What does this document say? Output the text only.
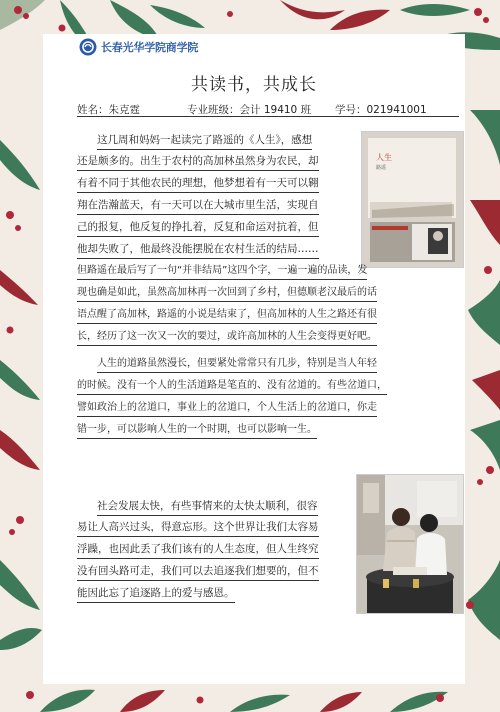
长春光华学院商学院
共读书，共成长
姓名：朱克霆	专业班级：会计 19410 班 学号：021941001
人生
路遥
这几周和妈妈一起读完了路遥的《人生》，感想
还是颇多的。出生于农村的高加林虽然身为农民，却
有着不同于其他农民的理想，他梦想着有一天可以翱
翔在浩瀚蓝天，有一天可以在大城市里生活，实现自
己的报复，他反复的挣扎着，反复和命运对抗着，但
他却失败了，他最终没能摆脱在农村生活的结局……
但路遥在最后写了一句“并非结局”这四个字，一遍一遍的品读，发
现也确是如此，虽然高加林再一次回到了乡村，但德顺老汉最后的话
语点醒了高加林，路遥的小说是结束了，但高加林的人生之路还有很
长，经历了这一次又一次的要过，或许高加林的人生会变得更好吧。
人生的道路虽然漫长，但要紧处常常只有几步，特别是当人年轻
的时候。没有一个人的生活道路是笔直的、没有岔道的。有些岔道口，
譬如政治上的岔道口，事业上的岔道口，个人生活上的岔道口，你走
错一步，可以影响人生的一个时期，也可以影响一生。
社会发展太快，有些事情来的太快太顺利，很容
易让人高兴过头，得意忘形。这个世界让我们太容易
浮躁，也因此丢了我们该有的人生态度，但人生终究
没有回头路可走，我们可以去追逐我们想要的，但不
能因此忘了追逐路上的爱与感恩。
